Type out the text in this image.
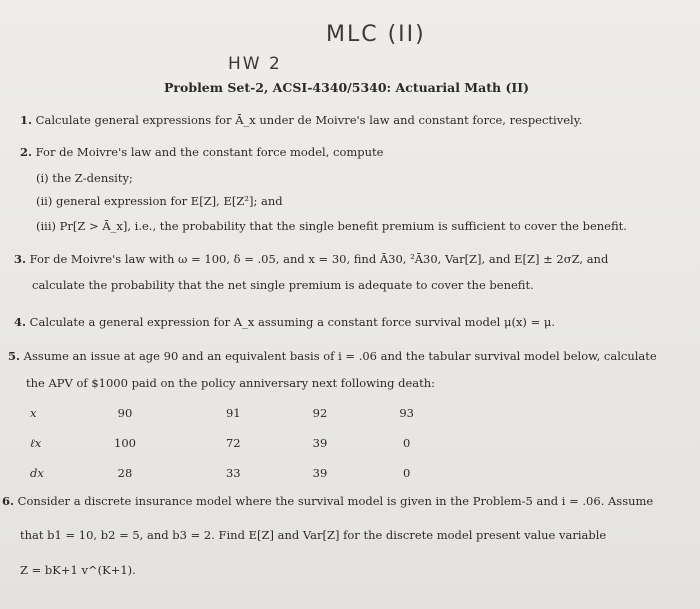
MLC (II)
HW 2
Problem Set-2, ACSI-4340/5340: Actuarial Math (II)
1. Calculate general expressions for Ā_x under de Moivre's law and constant force, respectively.
2. For de Moivre's law and the constant force model, compute
(i) the Z-density;
(ii) general expression for E[Z], E[Z²]; and
(iii) Pr[Z > Ā_x], i.e., the probability that the single benefit premium is sufficient to cover the benefit.
3. For de Moivre's law with ω = 100, δ = .05, and x = 30, find Ā30, ²Ā30, Var[Z], and E[Z] ± 2σZ, and
calculate the probability that the net single premium is adequate to cover the benefit.
4. Calculate a general expression for A_x assuming a constant force survival model μ(x) = μ.
5. Assume an issue at age 90 and an equivalent basis of i = .06 and the tabular survival model below, calculate
the APV of $1000 paid on the policy anniversary next following death:
x	90	91	92	93
ℓx	100	72	39	0
dx	28	33	39	0
6. Consider a discrete insurance model where the survival model is given in the Problem-5 and i = .06. Assume
that b1 = 10, b2 = 5, and b3 = 2. Find E[Z] and Var[Z] for the discrete model present value variable
Z = bK+1 v^(K+1).
